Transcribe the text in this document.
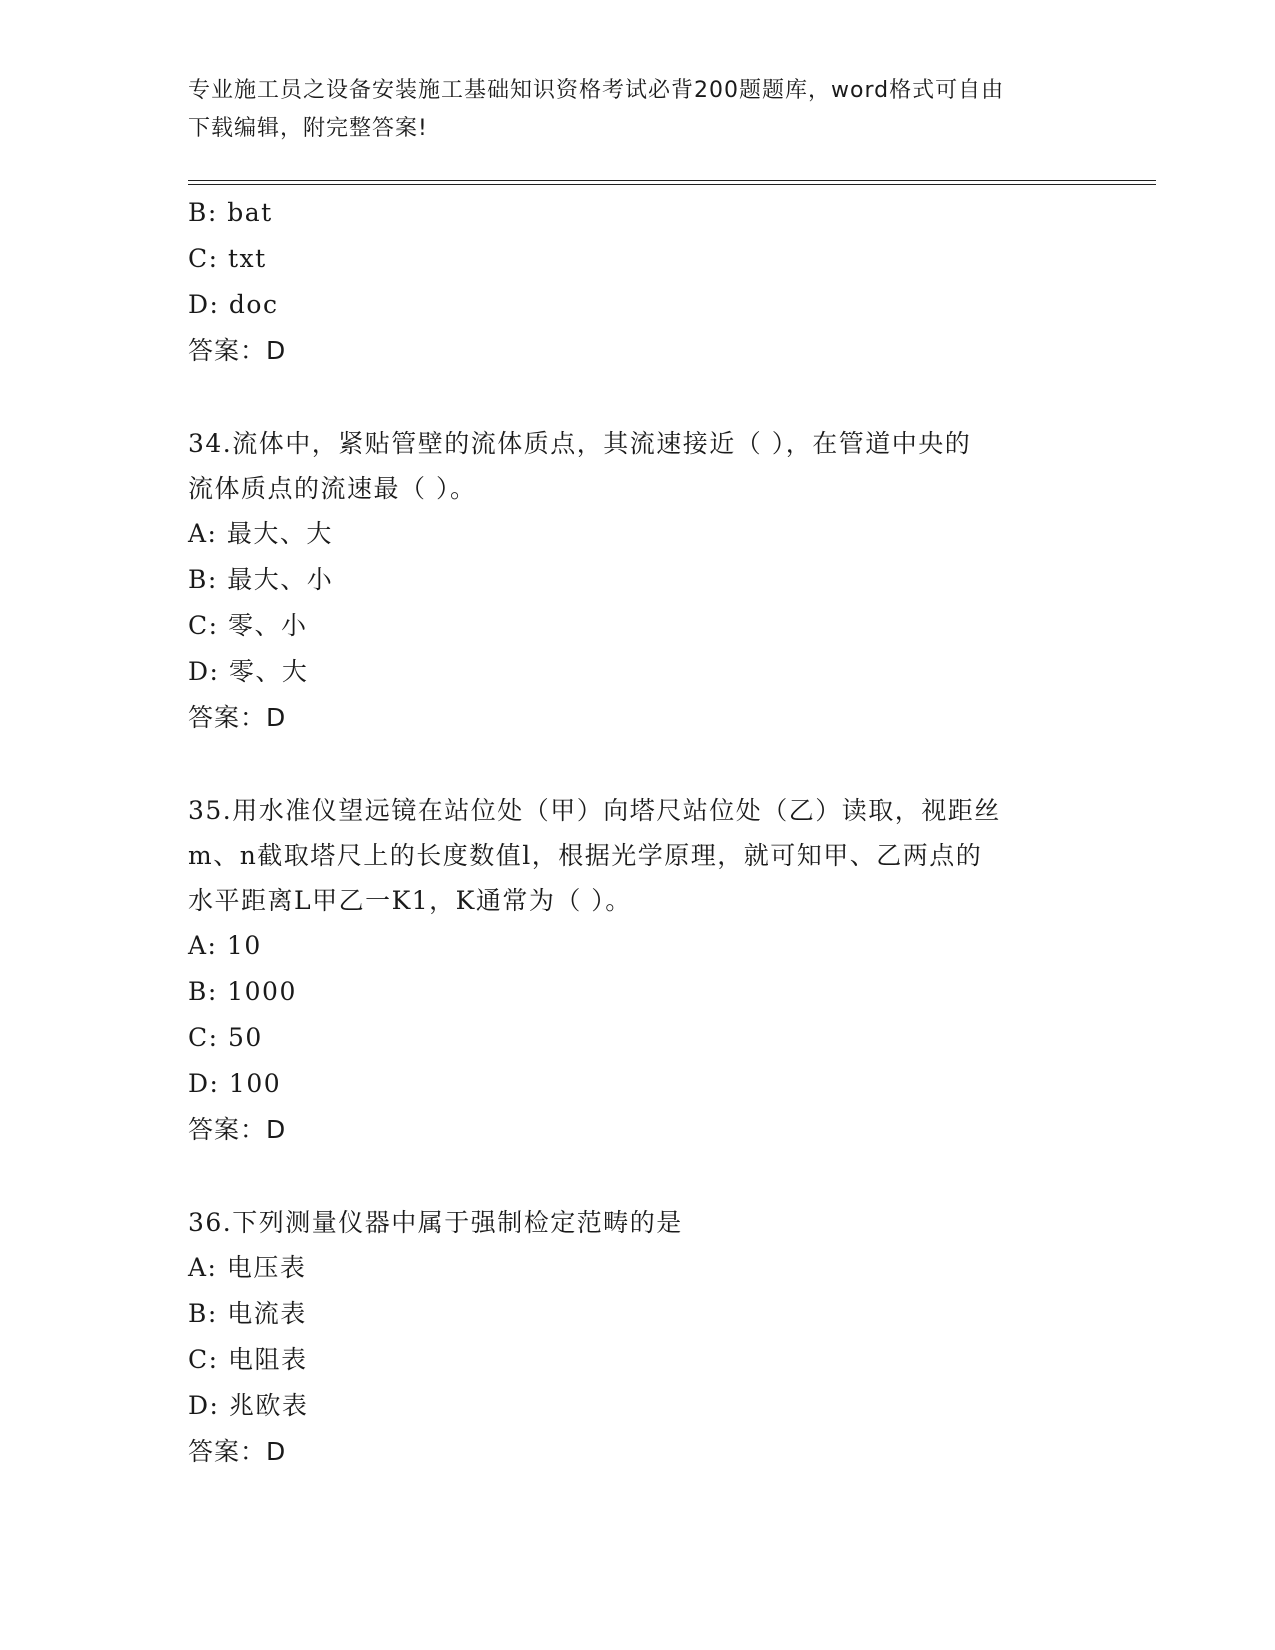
专业施工员之设备安装施工基础知识资格考试必背200题题库，word格式可自由
下载编辑，附完整答案!
B: bat
C: txt
D: doc
答案：D
34.流体中，紧贴管壁的流体质点，其流速接近（ ），在管道中央的
流体质点的流速最（ ）。
A: 最大、大
B: 最大、小
C: 零、小
D: 零、大
答案：D
35.用水准仪望远镜在站位处（甲）向塔尺站位处（乙）读取，视距丝
m、n截取塔尺上的长度数值l，根据光学原理，就可知甲、乙两点的
水平距离L甲乙一K1，K通常为（ ）。
A: 10
B: 1000
C: 50
D: 100
答案：D
36.下列测量仪器中属于强制检定范畴的是
A: 电压表
B: 电流表
C: 电阻表
D: 兆欧表
答案：D
